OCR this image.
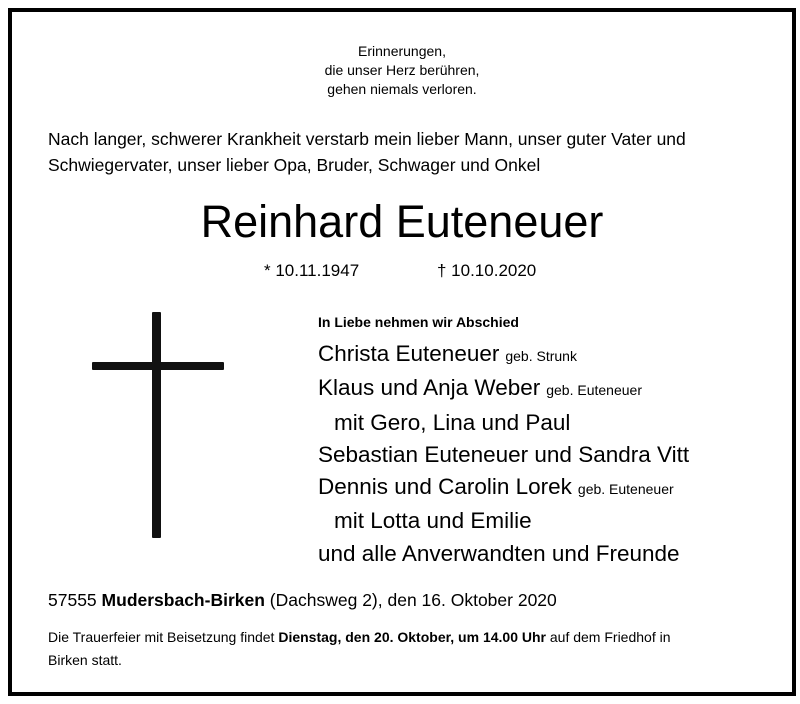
Erinnerungen,
die unser Herz berühren,
gehen niemals verloren.
Nach langer, schwerer Krankheit verstarb mein lieber Mann, unser guter Vater und
Schwiegervater, unser lieber Opa, Bruder, Schwager und Onkel
Reinhard Euteneuer
* 10.11.1947	† 10.10.2020
In Liebe nehmen wir Abschied
Christa Euteneuer geb. Strunk
Klaus und Anja Weber geb. Euteneuer
mit Gero, Lina und Paul
Sebastian Euteneuer und Sandra Vitt
Dennis und Carolin Lorek geb. Euteneuer
mit Lotta und Emilie
und alle Anverwandten und Freunde
57555 Mudersbach-Birken (Dachsweg 2), den 16. Oktober 2020
Die Trauerfeier mit Beisetzung findet Dienstag, den 20. Oktober, um 14.00 Uhr auf dem Friedhof in
Birken statt.
